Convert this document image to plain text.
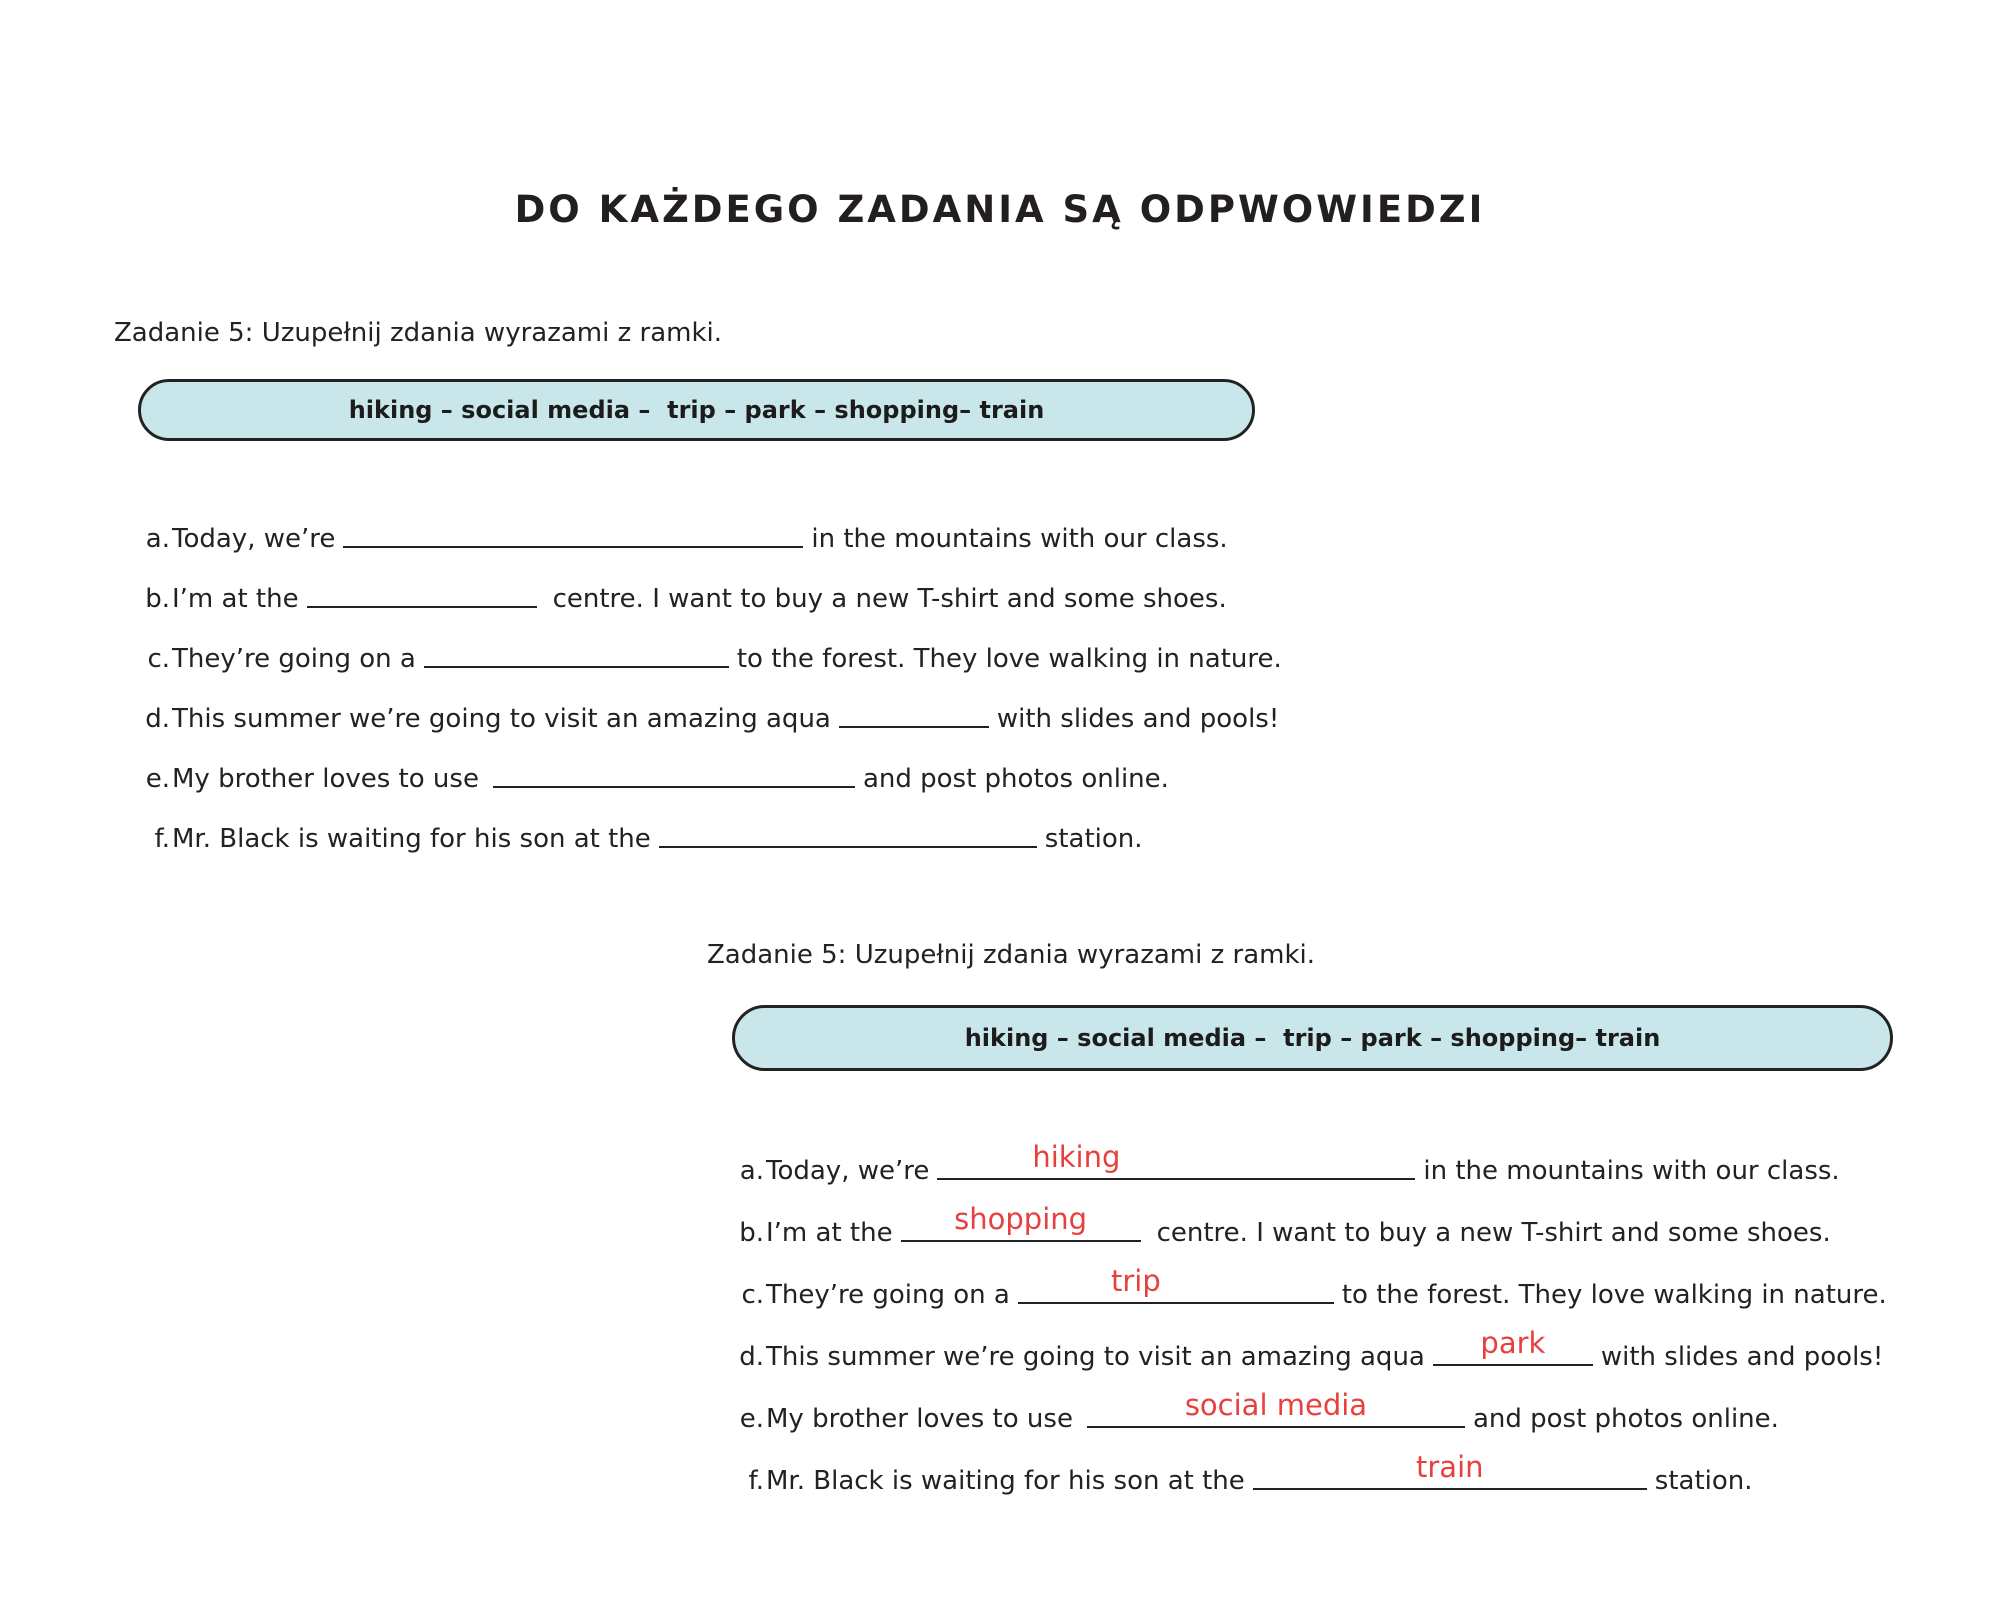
DO KAŻDEGO ZADANIA SĄ ODPWOWIEDZI
Zadanie 5: Uzupełnij zdania wyrazami z ramki.
hiking – social media –  trip – park – shopping– train
a. Today, we’re	in the mountains with our class.
b. I’m at the	centre. I want to buy a new T-shirt and some shoes.
c. They’re going on a	to the forest. They love walking in nature.
d. This summer we’re going to visit an amazing aqua	with slides and pools!
e. My brother loves to use	and post photos online.
f. Mr. Black is waiting for his son at the	station.
Zadanie 5: Uzupełnij zdania wyrazami z ramki.
hiking – social media –  trip – park – shopping– train
a. Today, we’re	hiking	in the mountains with our class.
b. I’m at the	shopping	centre. I want to buy a new T-shirt and some shoes.
c. They’re going on a	trip	to the forest. They love walking in nature.
d. This summer we’re going to visit an amazing aqua	park	with slides and pools!
e. My brother loves to use	social media	and post photos online.
f. Mr. Black is waiting for his son at the	train	station.
